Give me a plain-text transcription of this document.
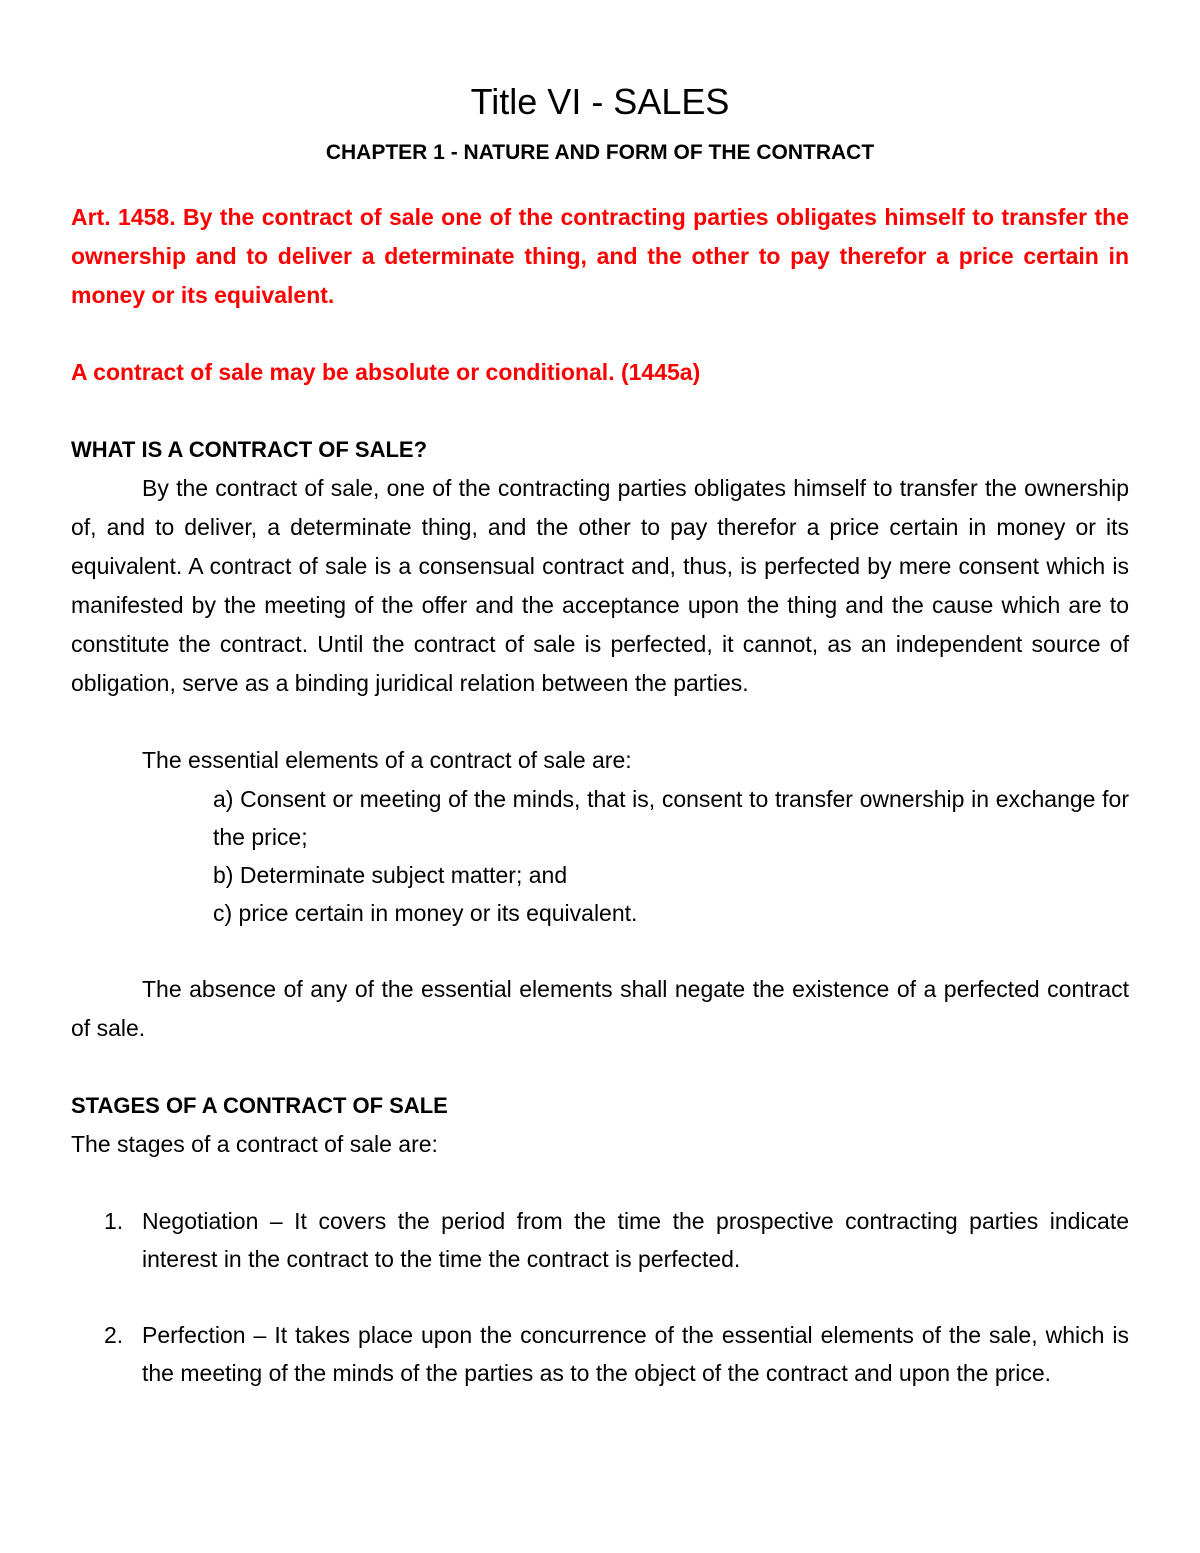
Title VI - SALES
CHAPTER 1 - NATURE AND FORM OF THE CONTRACT

Art. 1458. By the contract of sale one of the contracting parties obligates himself to transfer the ownership and to deliver a determinate thing, and the other to pay therefor a price certain in money or its equivalent.

A contract of sale may be absolute or conditional. (1445a)

WHAT IS A CONTRACT OF SALE?

By the contract of sale, one of the contracting parties obligates himself to transfer the ownership of, and to deliver, a determinate thing, and the other to pay therefor a price certain in money or its equivalent. A contract of sale is a consensual contract and, thus, is perfected by mere consent which is manifested by the meeting of the offer and the acceptance upon the thing and the cause which are to constitute the contract. Until the contract of sale is perfected, it cannot, as an independent source of obligation, serve as a binding juridical relation between the parties.

The essential elements of a contract of sale are:

a) Consent or meeting of the minds, that is, consent to transfer ownership in exchange for the price;
b) Determinate subject matter; and
c) price certain in money or its equivalent.

The absence of any of the essential elements shall negate the existence of a perfected contract of sale.

STAGES OF A CONTRACT OF SALE

The stages of a contract of sale are:

1. Negotiation – It covers the period from the time the prospective contracting parties indicate interest in the contract to the time the contract is perfected.
2. Perfection – It takes place upon the concurrence of the essential elements of the sale, which is the meeting of the minds of the parties as to the object of the contract and upon the price.
